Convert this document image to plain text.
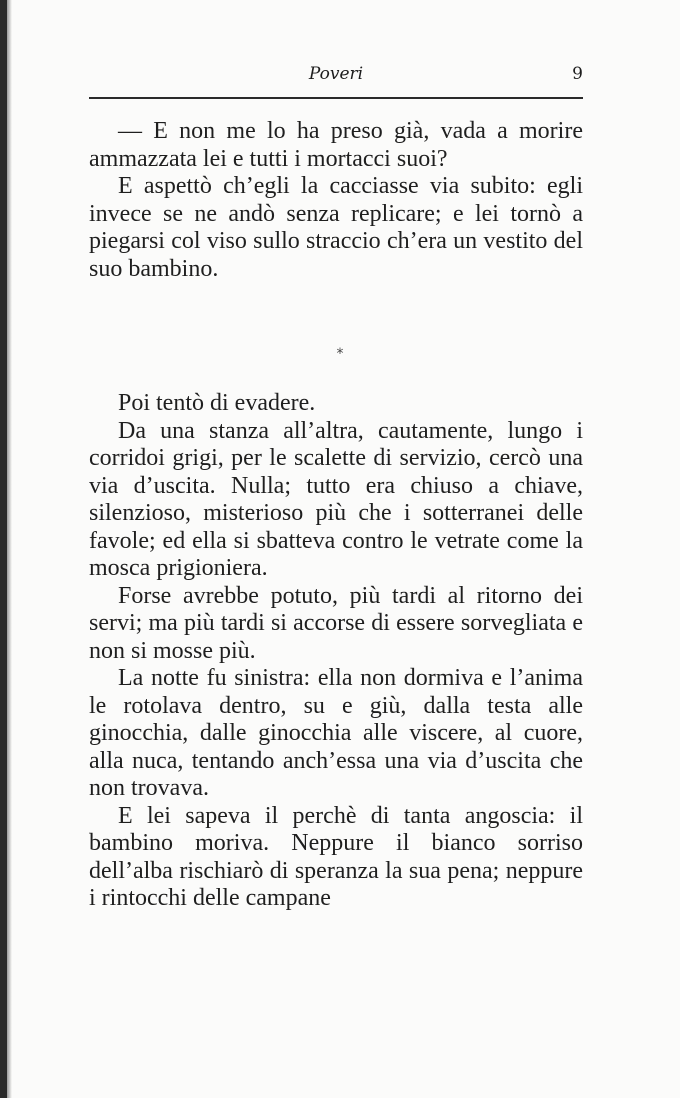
Poveri	9

— E non me lo ha preso già, vada a morire ammazzata lei e tutti i mortacci suoi?

E aspettò ch’egli la cacciasse via subito: egli invece se ne andò senza replicare; e lei tornò a piegarsi col viso sullo straccio ch’era un vestito del suo bambino.

*

Poi tentò di evadere.

Da una stanza all’altra, cautamente, lungo i corridoi grigi, per le scalette di servizio, cercò una via d’uscita. Nulla; tutto era chiuso a chiave, silenzioso, misterioso più che i sotterranei delle favole; ed ella si sbatteva contro le vetrate come la mosca prigioniera.

Forse avrebbe potuto, più tardi al ritorno dei servi; ma più tardi si accorse di essere sorvegliata e non si mosse più.

La notte fu sinistra: ella non dormiva e l’anima le rotolava dentro, su e giù, dalla testa alle ginocchia, dalle ginocchia alle viscere, al cuore, alla nuca, tentando anch’essa una via d’uscita che non trovava.

E lei sapeva il perchè di tanta angoscia: il bambino moriva. Neppure il bianco sorriso dell’alba rischiarò di speranza la sua pena; neppure i rintocchi delle campane
